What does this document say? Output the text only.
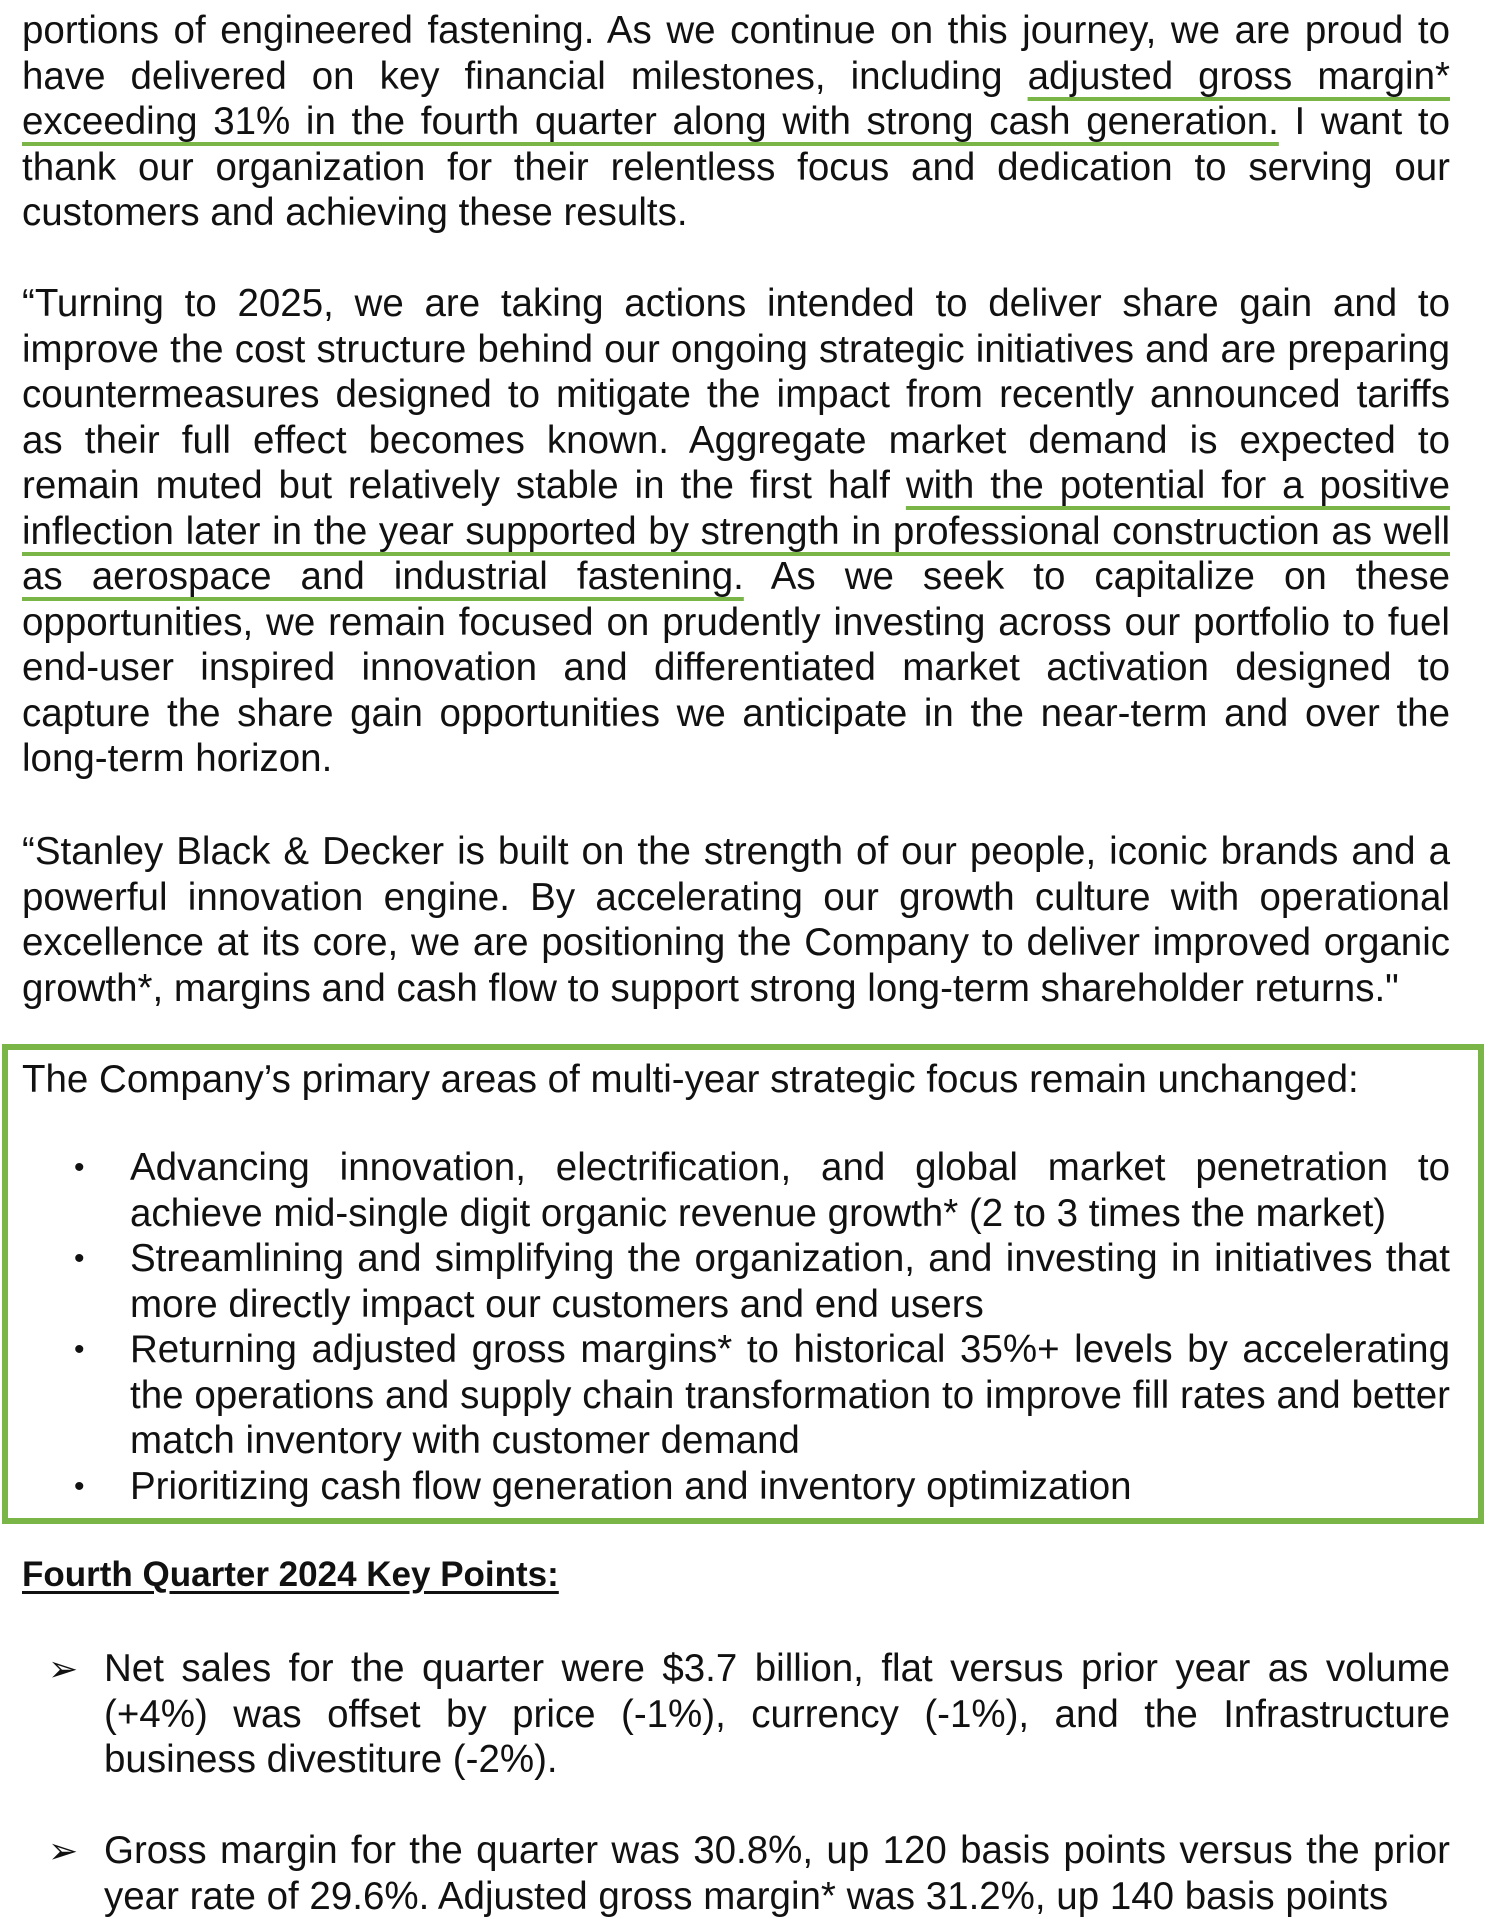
portions of engineered fastening. As we continue on this journey, we are proud to have delivered on key financial milestones, including adjusted gross margin* exceeding 31% in the fourth quarter along with strong cash generation. I want to thank our organization for their relentless focus and dedication to serving our customers and achieving these results.

“Turning to 2025, we are taking actions intended to deliver share gain and to improve the cost structure behind our ongoing strategic initiatives and are preparing countermeasures designed to mitigate the impact from recently announced tariffs as their full effect becomes known. Aggregate market demand is expected to remain muted but relatively stable in the first half with the potential for a positive inflection later in the year supported by strength in professional construction as well as aerospace and industrial fastening. As we seek to capitalize on these opportunities, we remain focused on prudently investing across our portfolio to fuel end-user inspired innovation and differentiated market activation designed to capture the share gain opportunities we anticipate in the near-term and over the long-term horizon.

“Stanley Black & Decker is built on the strength of our people, iconic brands and a powerful innovation engine. By accelerating our growth culture with operational excellence at its core, we are positioning the Company to deliver improved organic growth*, margins and cash flow to support strong long-term shareholder returns."

The Company’s primary areas of multi-year strategic focus remain unchanged:

• Advancing innovation, electrification, and global market penetration to achieve mid-single digit organic revenue growth* (2 to 3 times the market)
• Streamlining and simplifying the organization, and investing in initiatives that more directly impact our customers and end users
• Returning adjusted gross margins* to historical 35%+ levels by accelerating the operations and supply chain transformation to improve fill rates and better match inventory with customer demand
• Prioritizing cash flow generation and inventory optimization
Fourth Quarter 2024 Key Points:
➢ Net sales for the quarter were $3.7 billion, flat versus prior year as volume (+4%) was offset by price (-1%), currency (-1%), and the Infrastructure business divestiture (-2%).
➢ Gross margin for the quarter was 30.8%, up 120 basis points versus the prior year rate of 29.6%. Adjusted gross margin* was 31.2%, up 140 basis points
